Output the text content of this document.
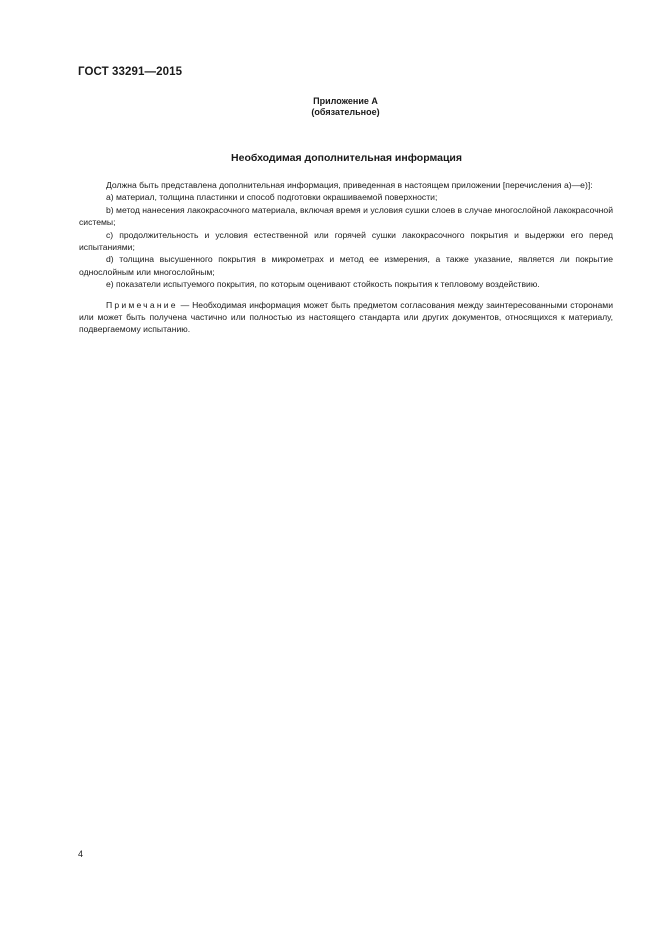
ГОСТ 33291—2015
Приложение А
(обязательное)
Необходимая дополнительная информация

Должна быть представлена дополнительная информация, приведенная в настоящем приложении [перечисления а)—е)]:

а) материал, толщина пластинки и способ подготовки окрашиваемой поверхности;

b) метод нанесения лакокрасочного материала, включая время и условия сушки слоев в случае многослойной лакокрасочной системы;

c) продолжительность и условия естественной или горячей сушки лакокрасочного покрытия и выдержки его перед испытаниями;

d) толщина высушенного покрытия в микрометрах и метод ее измерения, а также указание, является ли покрытие однослойным или многослойным;

е) показатели испытуемого покрытия, по которым оценивают стойкость покрытия к тепловому воздействию.

Примечание — Необходимая информация может быть предметом согласования между заинтересованными сторонами или может быть получена частично или полностью из настоящего стандарта или других документов, относящихся к материалу, подвергаемому испытанию.

4
